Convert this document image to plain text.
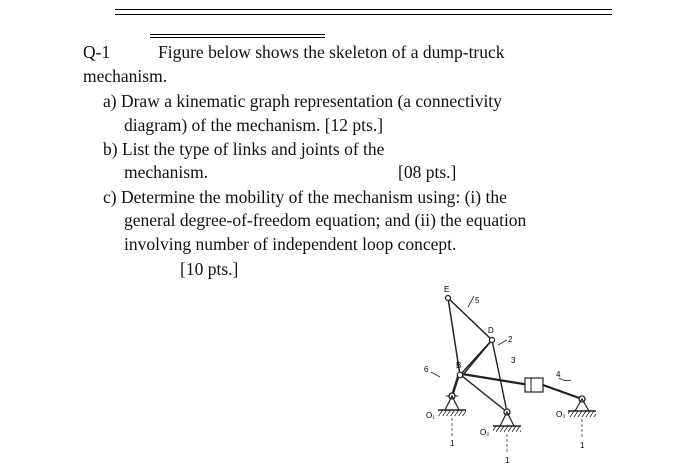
Q-1	Figure below shows the skeleton of a dump-truck
mechanism.
a) Draw a kinematic graph representation (a connectivity
diagram) of the mechanism. [12 pts.]
b) List the type of links and joints of the
mechanism.	[08 pts.]
c) Determine the mobility of the mechanism using: (i) the
general degree-of-freedom equation; and (ii) the equation
involving number of independent loop concept.
[10 pts.]
E
5
D
2
3
6	B
4
O₁
O₂
O₃
1
1
1
